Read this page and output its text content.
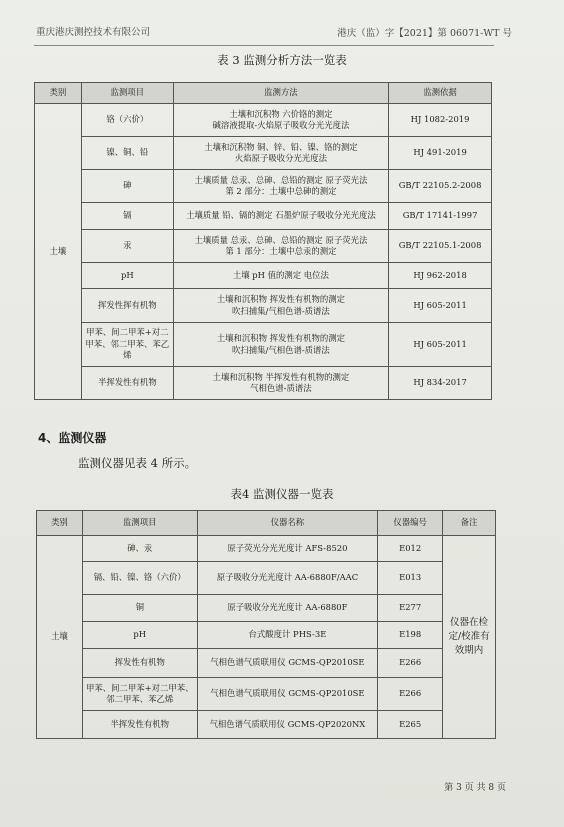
重庆港庆测控技术有限公司	港庆（监）字【2021】第 06071-WT 号
表 3 监测分析方法一览表
类别	监测项目	监测方法	监测依据
土壤	铬（六价）	土壤和沉积物 六价铬的测定
碱溶液提取-火焰原子吸收分光光度法	HJ 1082-2019
	镍、铜、铅	土壤和沉积物 铜、锌、铅、镍、铬的测定
火焰原子吸收分光光度法	HJ 491-2019
	砷	土壤质量 总汞、总砷、总铅的测定 原子荧光法
第 2 部分：土壤中总砷的测定	GB/T 22105.2-2008
	镉	土壤质量 铅、镉的测定 石墨炉原子吸收分光光度法	GB/T 17141-1997
	汞	土壤质量 总汞、总砷、总铅的测定 原子荧光法
第 1 部分：土壤中总汞的测定	GB/T 22105.1-2008
	pH	土壤 pH 值的测定 电位法	HJ 962-2018
	挥发性挥有机物	土壤和沉积物 挥发性有机物的测定
吹扫捕集/气相色谱-质谱法	HJ 605-2011
	甲苯、间二甲苯+对二甲苯、邻二甲苯、苯乙烯	土壤和沉积物 挥发性有机物的测定
吹扫捕集/气相色谱-质谱法	HJ 605-2011
	半挥发性有机物	土壤和沉积物 半挥发性有机物的测定
气相色谱-质谱法	HJ 834-2017
4、监测仪器
监测仪器见表 4 所示。
表4 监测仪器一览表
类别	监测项目	仪器名称	仪器编号	备注
土壤	砷、汞	原子荧光分光光度计 AFS-8520	E012	仪器在检定/校准有效期内
	镉、铅、镍、铬（六价）	原子吸收分光光度计 AA-6880F/AAC	E013	
	铜	原子吸收分光光度计 AA-6880F	E277	
	pH	台式酸度计 PHS-3E	E198	
	挥发性有机物	气相色谱气质联用仪 GCMS-QP2010SE	E266	
	甲苯、间二甲苯+对二甲苯、邻二甲苯、苯乙烯	气相色谱气质联用仪 GCMS-QP2010SE	E266	
	半挥发性有机物	气相色谱气质联用仪 GCMS-QP2020NX	E265	
第 3 页 共 8 页
